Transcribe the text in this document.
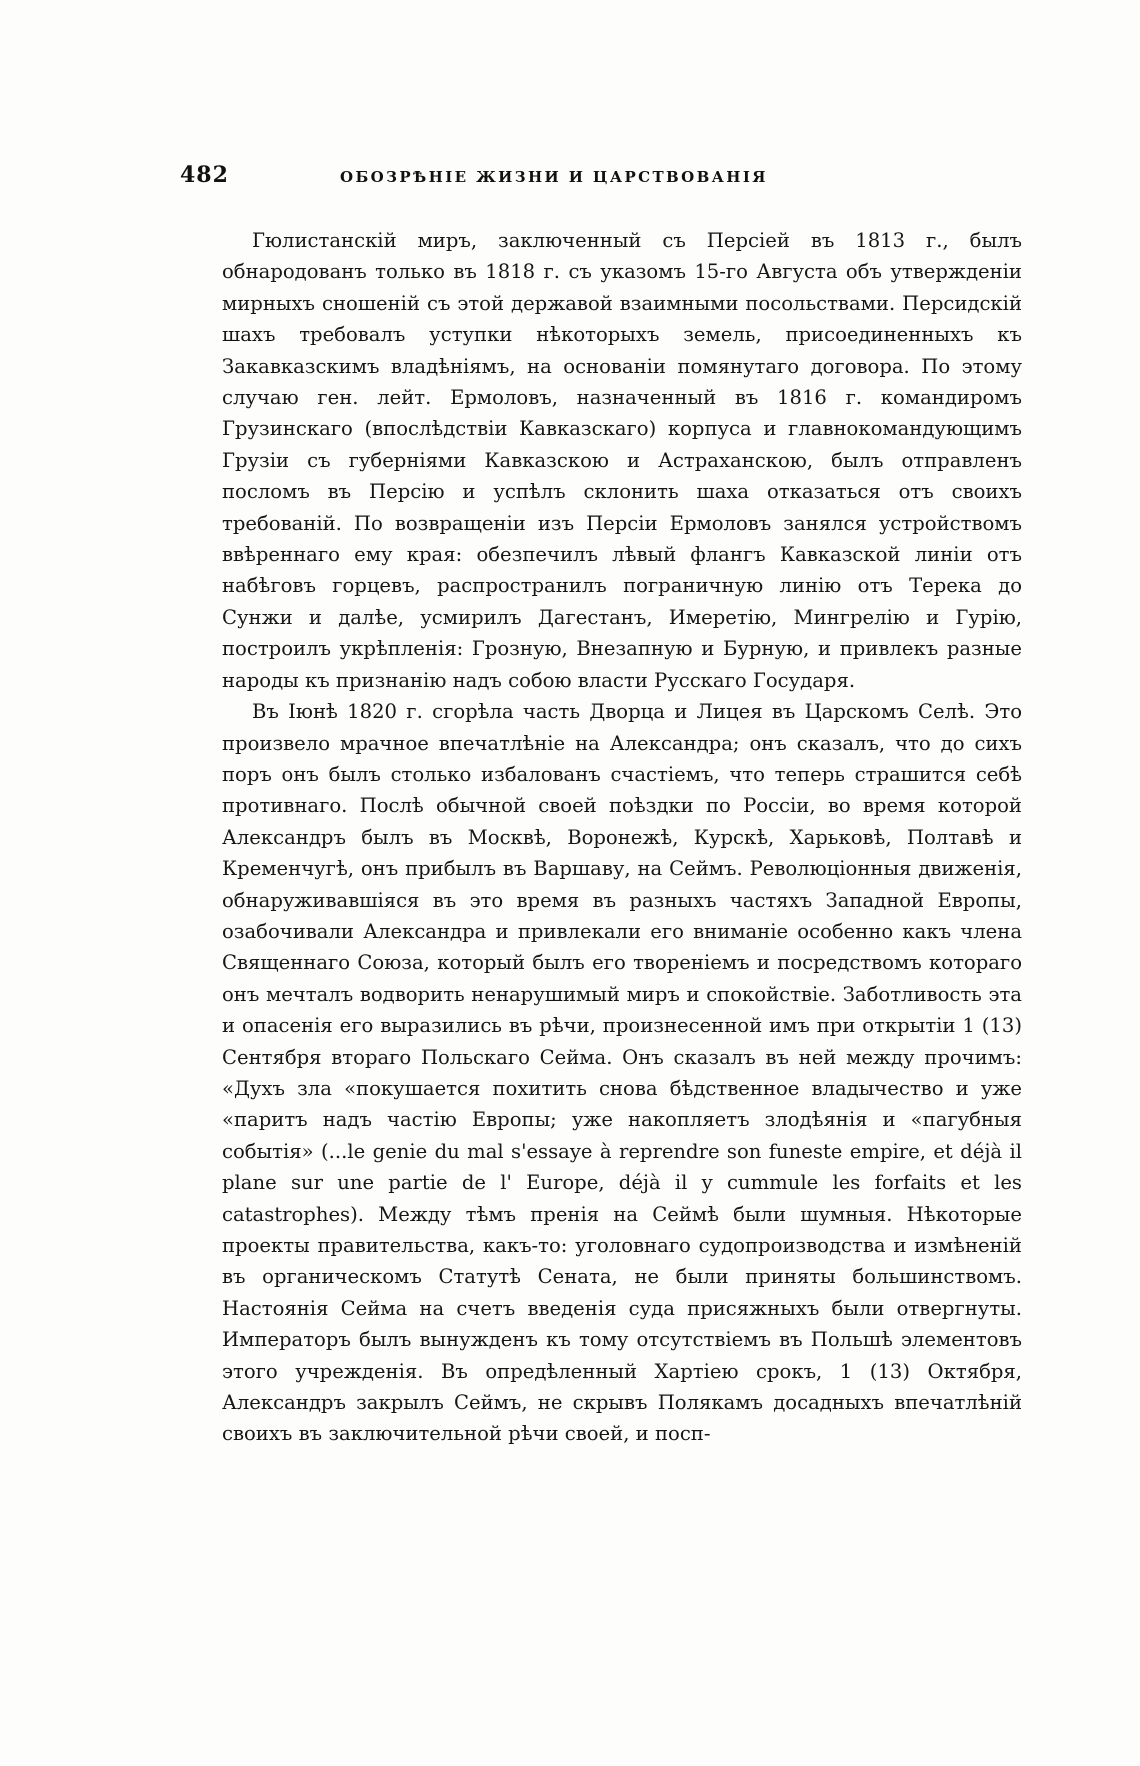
482	ОБОЗРѢНІЕ ЖИЗНИ И ЦАРСТВОВАНІЯ

Гюлистанскій миръ, заключенный съ Персіей въ 1813 г., былъ обнародованъ только въ 1818 г. съ указомъ 15-го Августа объ утвержденіи мирныхъ сношеній съ этой державой взаимными посольствами. Персидскій шахъ требовалъ уступки нѣкоторыхъ земель, присоединенныхъ къ Закавказскимъ владѣніямъ, на основаніи помянутаго договора. По этому случаю ген. лейт. Ермоловъ, назначенный въ 1816 г. командиромъ Грузинскаго (впослѣдствіи Кавказскаго) корпуса и главнокомандующимъ Грузіи съ губерніями Кавказскою и Астраханскою, былъ отправленъ посломъ въ Персію и успѣлъ склонить шаха отказаться отъ своихъ требованій. По возвращеніи изъ Персіи Ермоловъ занялся устройствомъ ввѣреннаго ему края: обезпечилъ лѣвый флангъ Кавказской линіи отъ набѣговъ горцевъ, распространилъ пограничную линію отъ Терека до Сунжи и далѣе, усмирилъ Дагестанъ, Имеретію, Мингрелію и Гурію, построилъ укрѣпленія: Грозную, Внезапную и Бурную, и привлекъ разные народы къ признанію надъ собою власти Русскаго Государя.

Въ Іюнѣ 1820 г. сгорѣла часть Дворца и Лицея въ Царскомъ Селѣ. Это произвело мрачное впечатлѣніе на Александра; онъ сказалъ, что до сихъ поръ онъ былъ столько избалованъ счастіемъ, что теперь страшится себѣ противнаго. Послѣ обычной своей поѣздки по Россіи, во время которой Александръ былъ въ Москвѣ, Воронежѣ, Курскѣ, Харьковѣ, Полтавѣ и Кременчугѣ, онъ прибылъ въ Варшаву, на Сеймъ. Революціонныя движенія, обнаруживавшіяся въ это время въ разныхъ частяхъ Западной Европы, озабочивали Александра и привлекали его вниманіе особенно какъ члена Священнаго Союза, который былъ его твореніемъ и посредствомъ котораго онъ мечталъ водворить ненарушимый миръ и спокойствіе. Заботливость эта и опасенія его выразились въ рѣчи, произнесенной имъ при открытіи 1 (13) Сентября втораго Польскаго Сейма. Онъ сказалъ въ ней между прочимъ: «Духъ зла «покушается похитить снова бѣдственное владычество и уже «паритъ надъ частію Европы; уже накопляетъ злодѣянія и «пагубныя событія» (...le genie du mal s'essaye à reprendre son funeste empire, et déjà il plane sur une partie de l' Europe, déjà il y cummule les forfaits et les catastrophes). Между тѣмъ пренія на Сеймѣ были шумныя. Нѣкоторые проекты правительства, какъ-то: уголовнаго судопроизводства и измѣненій въ органическомъ Статутѣ Сената, не были приняты большинствомъ. Настоянія Сейма на счетъ введенія суда присяжныхъ были отвергнуты. Императоръ былъ вынужденъ къ тому отсутствіемъ въ Польшѣ элементовъ этого учрежденія. Въ опредѣленный Хартіею срокъ, 1 (13) Октября, Александръ закрылъ Сеймъ, не скрывъ Полякамъ досадныхъ впечатлѣній своихъ въ заключительной рѣчи своей, и посп-
